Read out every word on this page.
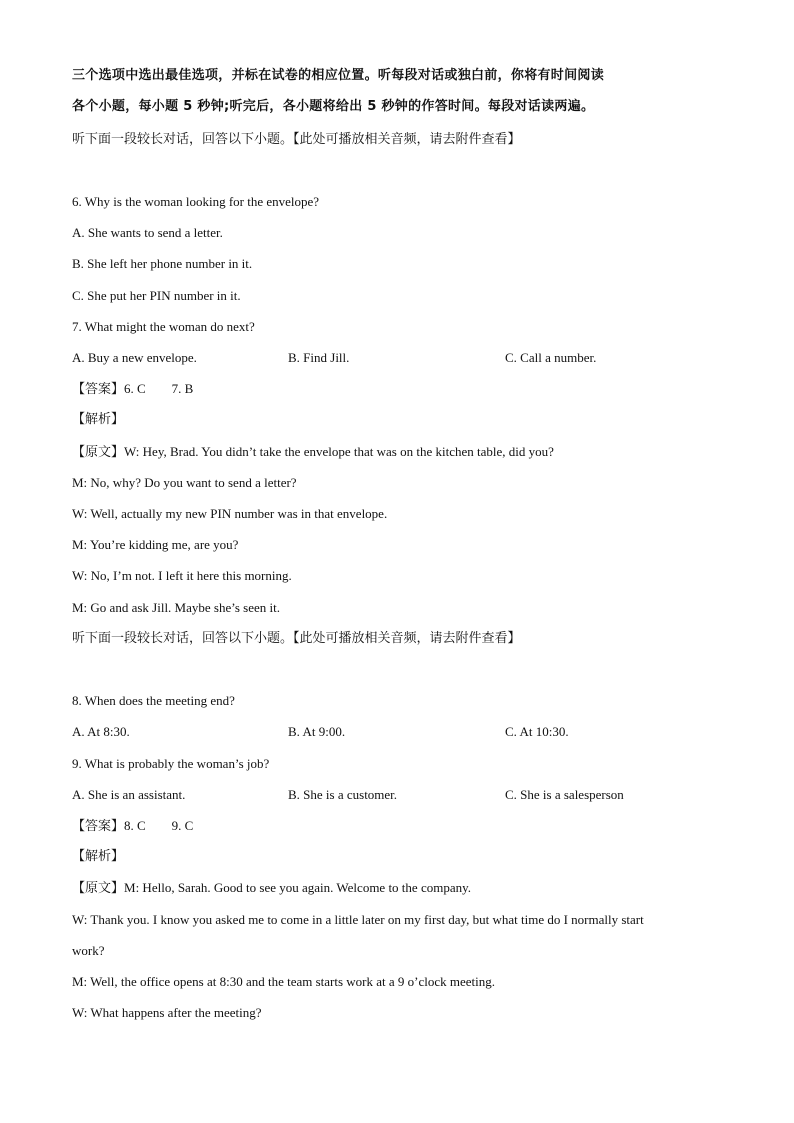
三个选项中选出最佳选项，并标在试卷的相应位置。听每段对话或独白前，你将有时间阅读
各个小题，每小题 5 秒钟;听完后，各小题将给出 5 秒钟的作答时间。每段对话读两遍。
听下面一段较长对话，回答以下小题。【此处可播放相关音频，请去附件查看】
6. Why is the woman looking for the envelope?
A. She wants to send a letter.
B. She left her phone number in it.
C. She put her PIN number in it.
7. What might the woman do next?
A. Buy a new envelope.	B. Find Jill.	C. Call a number.
【答案】6. C        7. B
【解析】
【原文】W: Hey, Brad. You didn’t take the envelope that was on the kitchen table, did you?
M: No, why? Do you want to send a letter?
W: Well, actually my new PIN number was in that envelope.
M: You’re kidding me, are you?
W: No, I’m not. I left it here this morning.
M: Go and ask Jill. Maybe she’s seen it.
听下面一段较长对话，回答以下小题。【此处可播放相关音频，请去附件查看】
8. When does the meeting end?
A. At 8:30.	B. At 9:00.	C. At 10:30.
9. What is probably the woman’s job?
A. She is an assistant.	B. She is a customer.	C. She is a salesperson
【答案】8. C        9. C
【解析】
【原文】M: Hello, Sarah. Good to see you again. Welcome to the company.
W: Thank you. I know you asked me to come in a little later on my first day, but what time do I normally start
work?
M: Well, the office opens at 8:30 and the team starts work at a 9 o’clock meeting.
W: What happens after the meeting?
